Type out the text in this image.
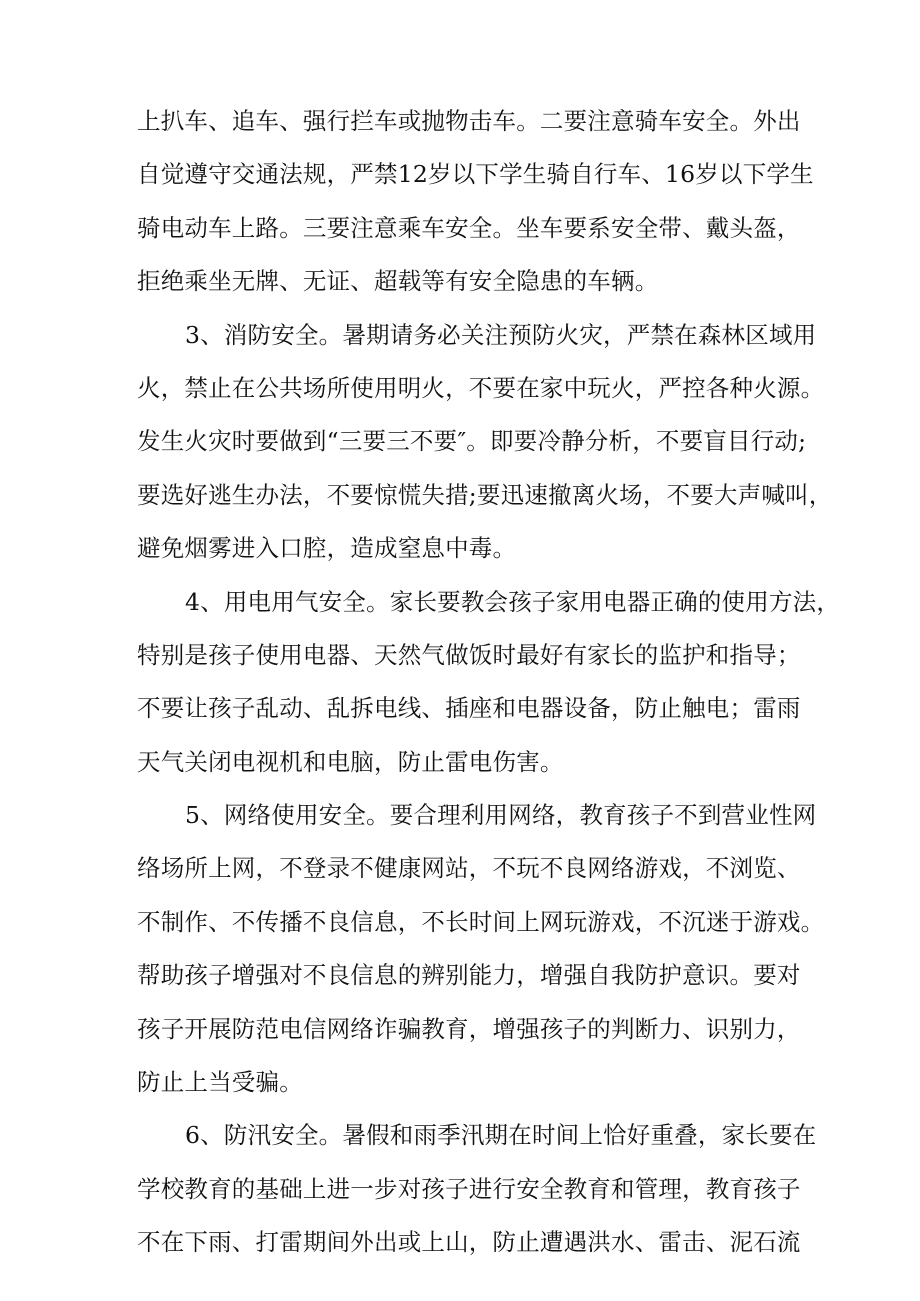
上扒车、追车、强行拦车或抛物击车。二要注意骑车安全。外出
自觉遵守交通法规，严禁12岁以下学生骑自行车、16岁以下学生
骑电动车上路。三要注意乘车安全。坐车要系安全带、戴头盔，
拒绝乘坐无牌、无证、超载等有安全隐患的车辆。
3、消防安全。暑期请务必关注预防火灾，严禁在森林区域用
火，禁止在公共场所使用明火，不要在家中玩火，严控各种火源。
发生火灾时要做到“三要三不要″。即要冷静分析，不要盲目行动;
要选好逃生办法，不要惊慌失措;要迅速撤离火场，不要大声喊叫，
避免烟雾进入口腔，造成窒息中毒。
4、用电用气安全。家长要教会孩子家用电器正确的使用方法，
特别是孩子使用电器、天然气做饭时最好有家长的监护和指导；
不要让孩子乱动、乱拆电线、插座和电器设备，防止触电；雷雨
天气关闭电视机和电脑，防止雷电伤害。
5、网络使用安全。要合理利用网络，教育孩子不到营业性网
络场所上网，不登录不健康网站，不玩不良网络游戏，不浏览、
不制作、不传播不良信息，不长时间上网玩游戏，不沉迷于游戏。
帮助孩子增强对不良信息的辨别能力，增强自我防护意识。要对
孩子开展防范电信网络诈骗教育，增强孩子的判断力、识别力，
防止上当受骗。
6、防汛安全。暑假和雨季汛期在时间上恰好重叠，家长要在
学校教育的基础上进一步对孩子进行安全教育和管理，教育孩子
不在下雨、打雷期间外出或上山，防止遭遇洪水、雷击、泥石流
